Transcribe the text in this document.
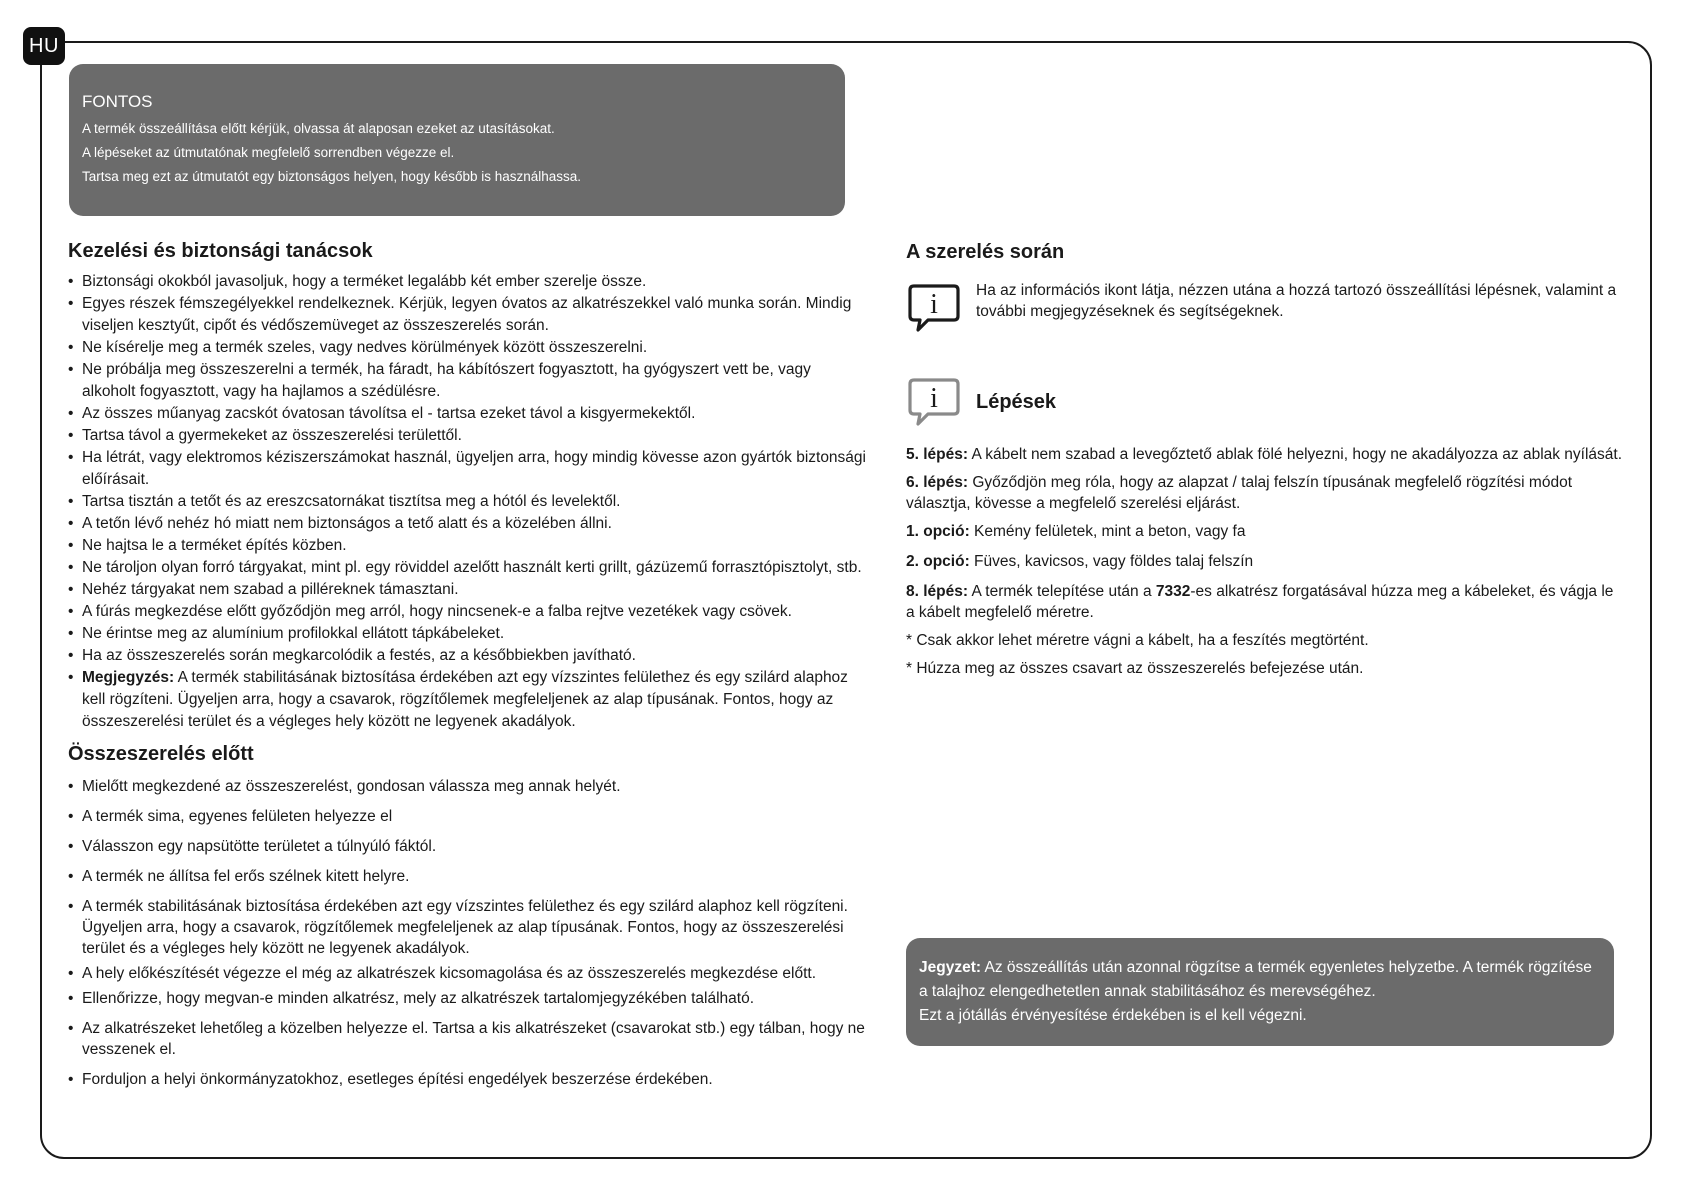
HU
FONTOS
A termék összeállítása előtt kérjük, olvassa át alaposan ezeket az utasításokat.
A lépéseket az útmutatónak megfelelő sorrendben végezze el.
Tartsa meg ezt az útmutatót egy biztonságos helyen, hogy később is használhassa.
Kezelési és biztonsági tanácsok
• Biztonsági okokból javasoljuk, hogy a terméket legalább két ember szerelje össze.
• Egyes részek fémszegélyekkel rendelkeznek. Kérjük, legyen óvatos az alkatrészekkel való munka során. Mindig viseljen kesztyűt, cipőt és védőszemüveget az összeszerelés során.
• Ne kísérelje meg a termék szeles, vagy nedves körülmények között összeszerelni.
• Ne próbálja meg összeszerelni a termék, ha fáradt, ha kábítószert fogyasztott, ha gyógyszert vett be, vagy alkoholt fogyasztott, vagy ha hajlamos a szédülésre.
• Az összes műanyag zacskót óvatosan távolítsa el - tartsa ezeket távol a kisgyermekektől.
• Tartsa távol a gyermekeket az összeszerelési területtől.
• Ha létrát, vagy elektromos kéziszerszámokat használ, ügyeljen arra, hogy mindig kövesse azon gyártók biztonsági előírásait.
• Tartsa tisztán a tetőt és az ereszcsatornákat tisztítsa meg a hótól és levelektől.
• A tetőn lévő nehéz hó miatt nem biztonságos a tető alatt és a közelében állni.
• Ne hajtsa le a terméket építés közben.
• Ne tároljon olyan forró tárgyakat, mint pl. egy röviddel azelőtt használt kerti grillt, gázüzemű forrasztópisztolyt, stb.
• Nehéz tárgyakat nem szabad a pilléreknek támasztani.
• A fúrás megkezdése előtt győződjön meg arról, hogy nincsenek-e a falba rejtve vezetékek vagy csövek.
• Ne érintse meg az alumínium profilokkal ellátott tápkábeleket.
• Ha az összeszerelés során megkarcolódik a festés, az a későbbiekben javítható.
• Megjegyzés: A termék stabilitásának biztosítása érdekében azt egy vízszintes felülethez és egy szilárd alaphoz kell rögzíteni. Ügyeljen arra, hogy a csavarok, rögzítőlemek megfeleljenek az alap típusának. Fontos, hogy az összeszerelési terület és a végleges hely között ne legyenek akadályok.
Összeszerelés előtt
• Mielőtt megkezdené az összeszerelést, gondosan válassza meg annak helyét.
• A termék sima, egyenes felületen helyezze el
• Válasszon egy napsütötte területet a túlnyúló fáktól.
• A termék ne állítsa fel erős szélnek kitett helyre.
• A termék stabilitásának biztosítása érdekében azt egy vízszintes felülethez és egy szilárd alaphoz kell rögzíteni. Ügyeljen arra, hogy a csavarok, rögzítőlemek megfeleljenek az alap típusának. Fontos, hogy az összeszerelési terület és a végleges hely között ne legyenek akadályok.
• A hely előkészítését végezze el még az alkatrészek kicsomagolása és az összeszerelés megkezdése előtt.
• Ellenőrizze, hogy megvan-e minden alkatrész, mely az alkatrészek tartalomjegyzékében található.
• Az alkatrészeket lehetőleg a közelben helyezze el. Tartsa a kis alkatrészeket (csavarokat stb.) egy tálban, hogy ne vesszenek el.
• Forduljon a helyi önkormányzatokhoz, esetleges építési engedélyek beszerzése érdekében.
A szerelés során
i Ha az információs ikont látja, nézzen utána a hozzá tartozó összeállítási lépésnek, valamint a további megjegyzéseknek és segítségeknek.
i Lépések

5. lépés: A kábelt nem szabad a levegőztető ablak fölé helyezni, hogy ne akadályozza az ablak nyílását.

6. lépés: Győződjön meg róla, hogy az alapzat / talaj felszín típusának megfelelő rögzítési módot választja, kövesse a megfelelő szerelési eljárást.

1. opció: Kemény felületek, mint a beton, vagy fa

2. opció: Füves, kavicsos, vagy földes talaj felszín

8. lépés: A termék telepítése után a 7332-es alkatrész forgatásával húzza meg a kábeleket, és vágja le a kábelt megfelelő méretre.

* Csak akkor lehet méretre vágni a kábelt, ha a feszítés megtörtént.

* Húzza meg az összes csavart az összeszerelés befejezése után.

Jegyzet: Az összeállítás után azonnal rögzítse a termék egyenletes helyzetbe. A termék rögzítése a talajhoz elengedhetetlen annak stabilitásához és merevségéhez.
Ezt a jótállás érvényesítése érdekében is el kell végezni.
